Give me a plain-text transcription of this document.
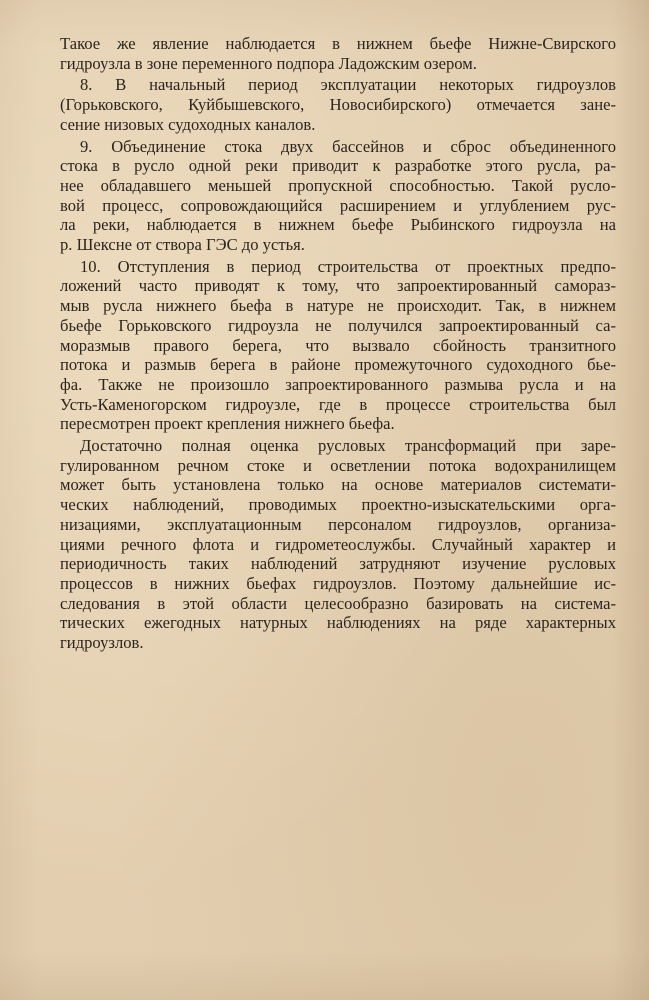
Такое же явление наблюдается в нижнем бьефе Нижне-Свирского
гидроузла в зоне переменного подпора Ладожским озером.

8. В начальный период эксплуатации некоторых гидроузлов
(Горьковского, Куйбышевского, Новосибирского) отмечается зане-
сение низовых судоходных каналов.

9. Объединение стока двух бассейнов и сброс объединенного
стока в русло одной реки приводит к разработке этого русла, ра-
нее обладавшего меньшей пропускной способностью. Такой русло-
вой процесс, сопровождающийся расширением и углублением рус-
ла реки, наблюдается в нижнем бьефе Рыбинского гидроузла на
р. Шексне от створа ГЭС до устья.

10. Отступления в период строительства от проектных предпо-
ложений часто приводят к тому, что запроектированный самораз-
мыв русла нижнего бьефа в натуре не происходит. Так, в нижнем
бьефе Горьковского гидроузла не получился запроектированный са-
моразмыв правого берега, что вызвало сбойность транзитного
потока и размыв берега в районе промежуточного судоходного бье-
фа. Также не произошло запроектированного размыва русла и на
Усть-Каменогорском гидроузле, где в процессе строительства был
пересмотрен проект крепления нижнего бьефа.

Достаточно полная оценка русловых трансформаций при заре-
гулированном речном стоке и осветлении потока водохранилищем
может быть установлена только на основе материалов системати-
ческих наблюдений, проводимых проектно-изыскательскими орга-
низациями, эксплуатационным персоналом гидроузлов, организа-
циями речного флота и гидрометеослужбы. Случайный характер и
периодичность таких наблюдений затрудняют изучение русловых
процессов в нижних бьефах гидроузлов. Поэтому дальнейшие ис-
следования в этой области целесообразно базировать на система-
тических ежегодных натурных наблюдениях на ряде характерных
гидроузлов.
